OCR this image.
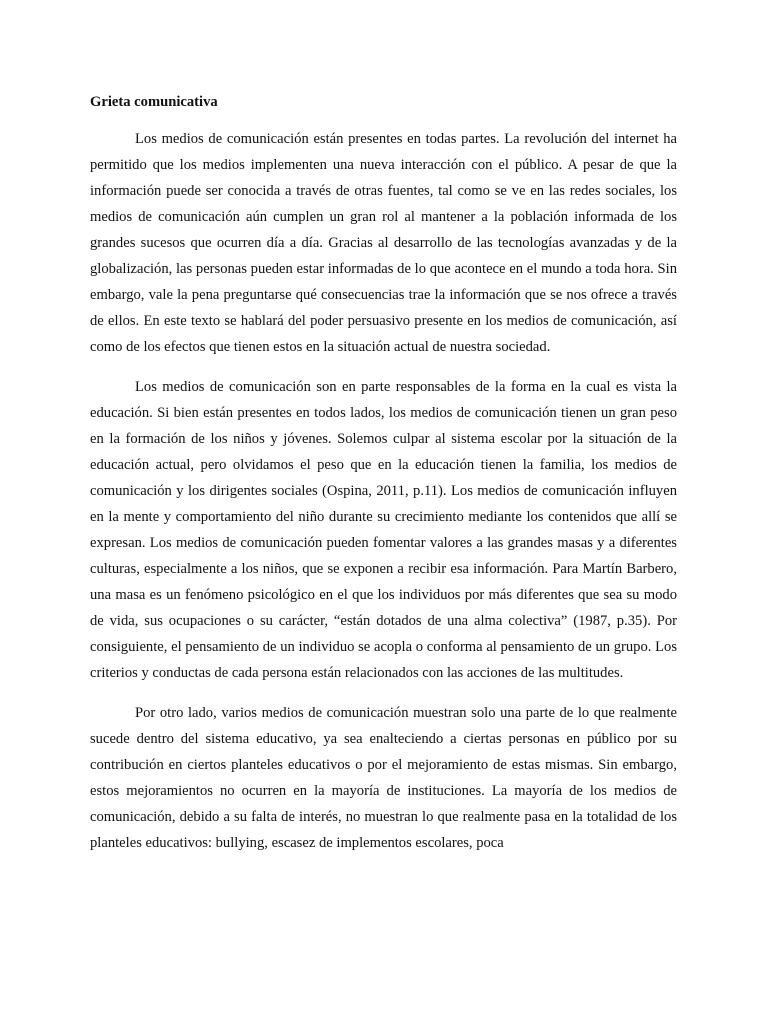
Grieta comunicativa

Los medios de comunicación están presentes en todas partes. La revolución del internet ha permitido que los medios implementen una nueva interacción con el público. A pesar de que la información puede ser conocida a través de otras fuentes, tal como se ve en las redes sociales, los medios de comunicación aún cumplen un gran rol al mantener a la población informada de los grandes sucesos que ocurren día a día. Gracias al desarrollo de las tecnologías avanzadas y de la globalización, las personas pueden estar informadas de lo que acontece en el mundo a toda hora. Sin embargo, vale la pena preguntarse qué consecuencias trae la información que se nos ofrece a través de ellos. En este texto se hablará del poder persuasivo presente en los medios de comunicación, así como de los efectos que tienen estos en la situación actual de nuestra sociedad.

Los medios de comunicación son en parte responsables de la forma en la cual es vista la educación. Si bien están presentes en todos lados, los medios de comunicación tienen un gran peso en la formación de los niños y jóvenes. Solemos culpar al sistema escolar por la situación de la educación actual, pero olvidamos el peso que en la educación tienen la familia, los medios de comunicación y los dirigentes sociales (Ospina, 2011, p.11). Los medios de comunicación influyen en la mente y comportamiento del niño durante su crecimiento mediante los contenidos que allí se expresan. Los medios de comunicación pueden fomentar valores a las grandes masas y a diferentes culturas, especialmente a los niños, que se exponen a recibir esa información. Para Martín Barbero, una masa es un fenómeno psicológico en el que los individuos por más diferentes que sea su modo de vida, sus ocupaciones o su carácter, “están dotados de una alma colectiva” (1987, p.35). Por consiguiente, el pensamiento de un individuo se acopla o conforma al pensamiento de un grupo. Los criterios y conductas de cada persona están relacionados con las acciones de las multitudes.

Por otro lado, varios medios de comunicación muestran solo una parte de lo que realmente sucede dentro del sistema educativo, ya sea enalteciendo a ciertas personas en público por su contribución en ciertos planteles educativos o por el mejoramiento de estas mismas. Sin embargo, estos mejoramientos no ocurren en la mayoría de instituciones. La mayoría de los medios de comunicación, debido a su falta de interés, no muestran lo que realmente pasa en la totalidad de los planteles educativos: bullying, escasez de implementos escolares, poca
